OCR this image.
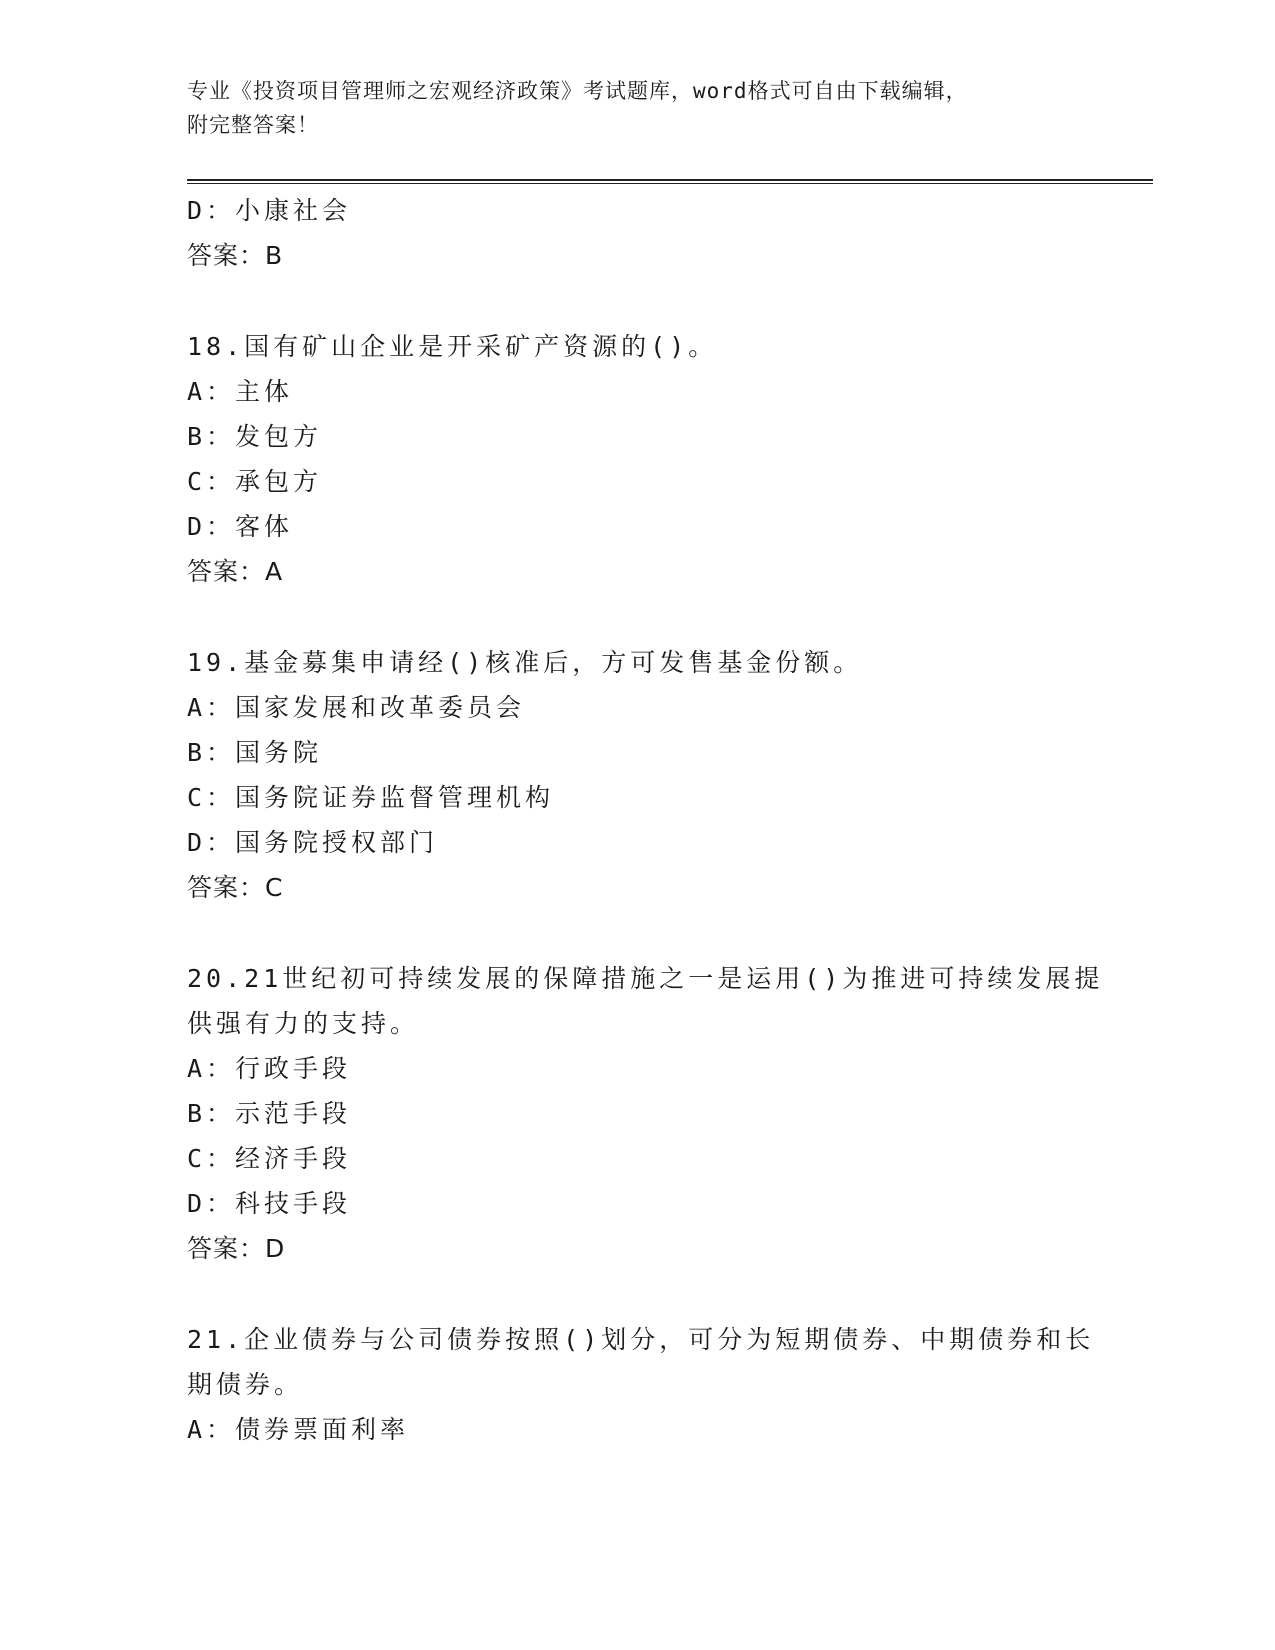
专业《投资项目管理师之宏观经济政策》考试题库，word格式可自由下载编辑，
附完整答案！
D：小康社会
答案：B
18.国有矿山企业是开采矿产资源的()。
A：主体
B：发包方
C：承包方
D：客体
答案：A
19.基金募集申请经()核准后，方可发售基金份额。
A：国家发展和改革委员会
B：国务院
C：国务院证券监督管理机构
D：国务院授权部门
答案：C
20.21世纪初可持续发展的保障措施之一是运用()为推进可持续发展提
供强有力的支持。
A：行政手段
B：示范手段
C：经济手段
D：科技手段
答案：D
21.企业债券与公司债券按照()划分，可分为短期债券、中期债券和长
期债券。
A：债券票面利率
